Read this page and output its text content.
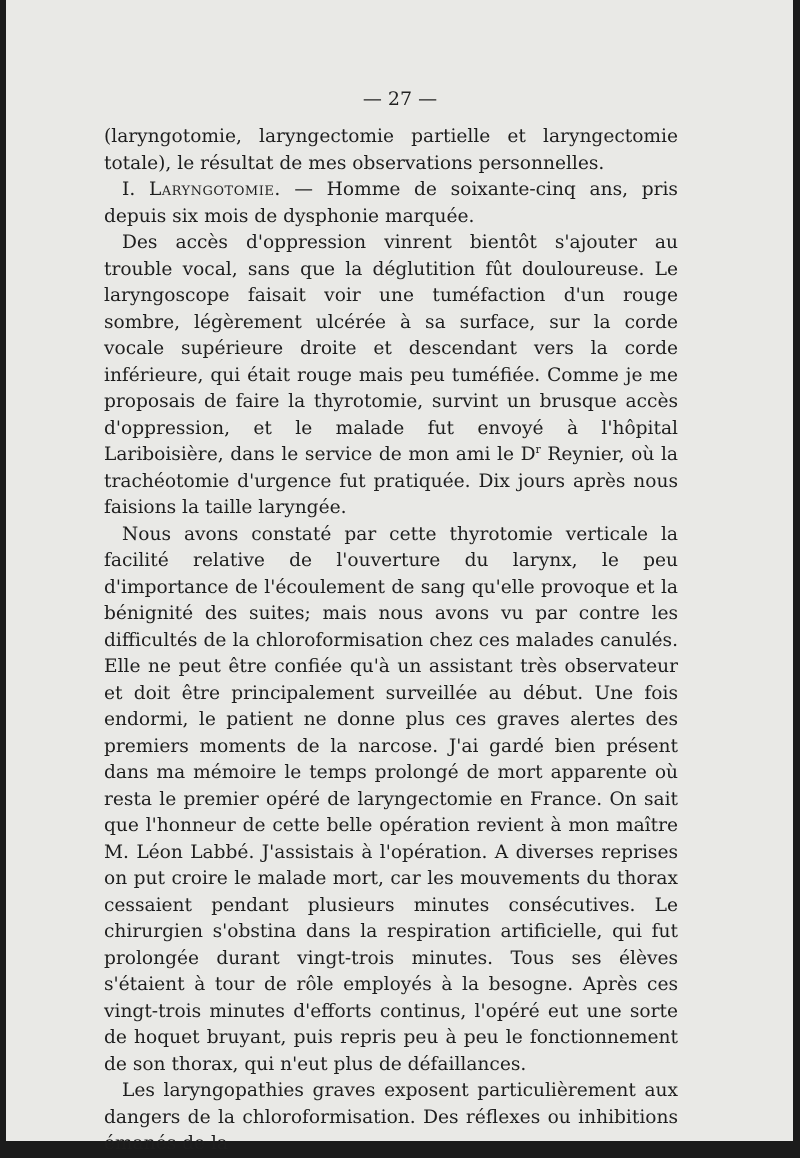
— 27 —

(laryngotomie, laryngectomie partielle et laryngectomie totale), le résultat de mes observations personnelles.

I. Laryngotomie. — Homme de soixante-cinq ans, pris depuis six mois de dysphonie marquée.

Des accès d'oppression vinrent bientôt s'ajouter au trouble vocal, sans que la déglutition fût douloureuse. Le laryngoscope faisait voir une tuméfaction d'un rouge sombre, légèrement ulcérée à sa surface, sur la corde vocale supérieure droite et descendant vers la corde inférieure, qui était rouge mais peu tuméfiée. Comme je me proposais de faire la thyrotomie, survint un brusque accès d'oppression, et le malade fut envoyé à l'hôpital Lariboisière, dans le service de mon ami le $D^r$ Reynier, où la trachéotomie d'urgence fut pratiquée. Dix jours après nous faisions la taille laryngée.

Nous avons constaté par cette thyrotomie verticale la facilité relative de l'ouverture du larynx, le peu d'importance de l'écoulement de sang qu'elle provoque et la bénignité des suites; mais nous avons vu par contre les difficultés de la chloroformisation chez ces malades canulés. Elle ne peut être confiée qu'à un assistant très observateur et doit être principalement surveillée au début. Une fois endormi, le patient ne donne plus ces graves alertes des premiers moments de la narcose. J'ai gardé bien présent dans ma mémoire le temps prolongé de mort apparente où resta le premier opéré de laryngectomie en France. On sait que l'honneur de cette belle opération revient à mon maître M. Léon Labbé. J'assistais à l'opération. A diverses reprises on put croire le malade mort, car les mouvements du thorax cessaient pendant plusieurs minutes consécutives. Le chirurgien s'obstina dans la respiration artificielle, qui fut prolongée durant vingt-trois minutes. Tous ses élèves s'étaient à tour de rôle employés à la besogne. Après ces vingt-trois minutes d'efforts continus, l'opéré eut une sorte de hoquet bruyant, puis repris peu à peu le fonctionnement de son thorax, qui n'eut plus de défaillances.

Les laryngopathies graves exposent particulièrement aux dangers de la chloroformisation. Des réflexes ou inhibitions émanés de la
